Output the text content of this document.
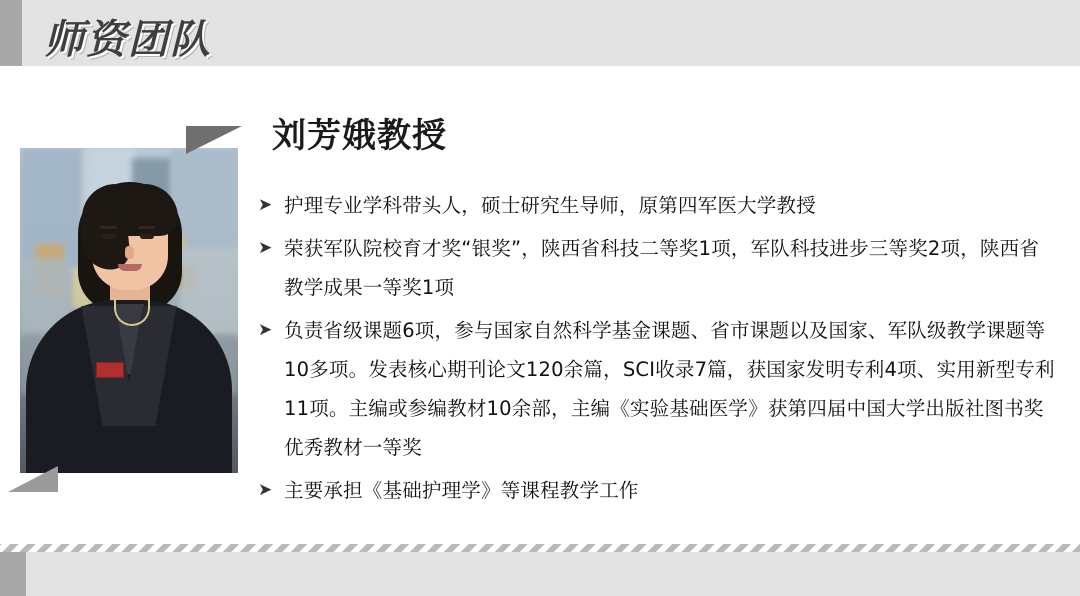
师资团队
刘芳娥教授
➤ 护理专业学科带头人，硕士研究生导师，原第四军医大学教授
➤ 荣获军队院校育才奖“银奖”，陕西省科技二等奖1项，军队科技进步三等奖2项，陕西省教学成果一等奖1项
➤ 负责省级课题6项，参与国家自然科学基金课题、省市课题以及国家、军队级教学课题等10多项。发表核心期刊论文120余篇，SCI收录7篇，获国家发明专利4项、实用新型专利11项。主编或参编教材10余部，主编《实验基础医学》获第四届中国大学出版社图书奖优秀教材一等奖
➤ 主要承担《基础护理学》等课程教学工作
